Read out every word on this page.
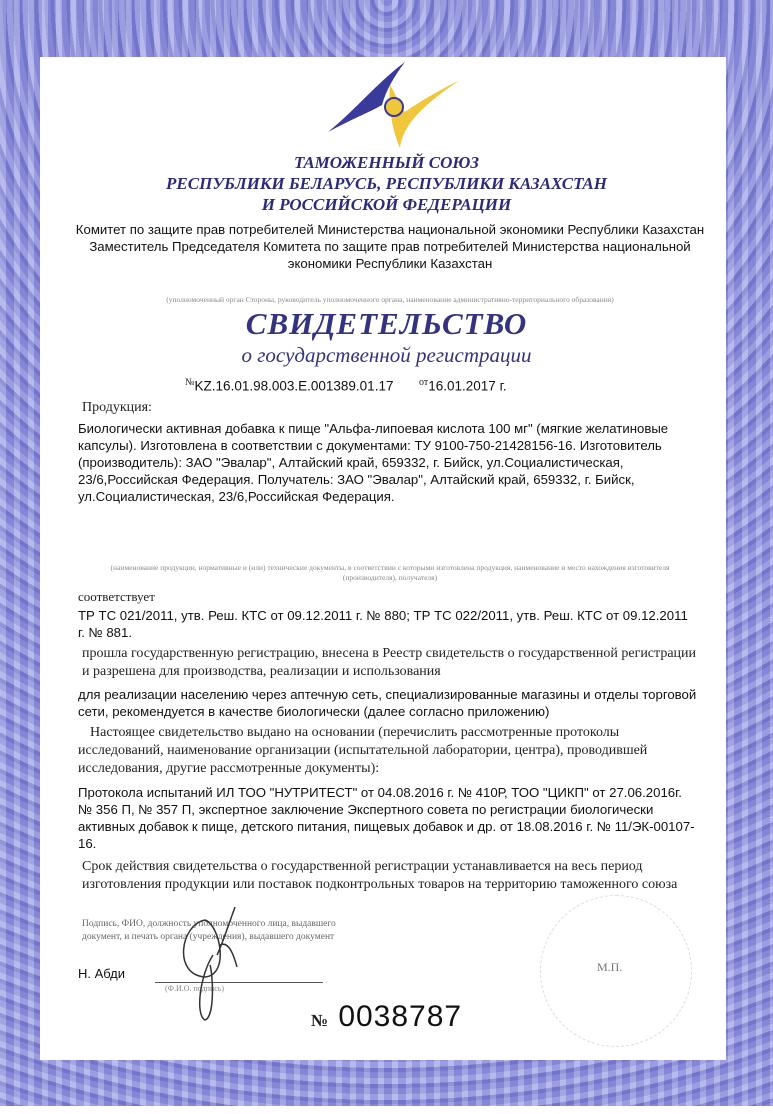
ТАМОЖЕННЫЙ СОЮЗ
РЕСПУБЛИКИ БЕЛАРУСЬ, РЕСПУБЛИКИ КАЗАХСТАН
И РОССИЙСКОЙ ФЕДЕРАЦИИ
Комитет по защите прав потребителей Министерства национальной экономики Республики Казахстан
Заместитель Председателя Комитета по защите прав потребителей Министерства национальной экономики Республики Казахстан
(уполномоченный орган Стороны, руководитель уполномоченного органа, наименование административно-территориального образования)
СВИДЕТЕЛЬСТВО
о государственной регистрации
№KZ.16.01.98.003.E.001389.01.17	$^{от}$16.01.2017 г.
Продукция:
Биологически активная добавка к пище "Альфа-липоевая кислота 100 мг" (мягкие желатиновые капсулы). Изготовлена в соответствии с документами: ТУ 9100-750-21428156-16. Изготовитель (производитель): ЗАО "Эвалар", Алтайский край, 659332, г. Бийск, ул.Социалистическая, 23/6,Российская Федерация. Получатель: ЗАО "Эвалар", Алтайский край, 659332, г. Бийск, ул.Социалистическая, 23/6,Российская Федерация.
(наименование продукции, нормативные и (или) технические документы, в соответствии с которыми изготовлена продукция, наименование и место нахождения изготовителя (производителя), получателя)
соответствует
ТР ТС 021/2011, утв. Реш. КТС от 09.12.2011 г. № 880; ТР ТС 022/2011, утв. Реш. КТС от 09.12.2011 г. № 881.
прошла государственную регистрацию, внесена в Реестр свидетельств о государственной регистрации и разрешена для производства, реализации и использования
для реализации населению через аптечную сеть, специализированные магазины и отделы торговой сети, рекомендуется в качестве биологически (далее согласно приложению)
Настоящее свидетельство выдано на основании (перечислить рассмотренные протоколы исследований, наименование организации (испытательной лаборатории, центра), проводившей исследования, другие рассмотренные документы):
Протокола испытаний ИЛ ТОО "НУТРИТЕСТ" от 04.08.2016 г. № 410Р, ТОО "ЦИКП" от 27.06.2016г. № 356 П, № 357 П, экспертное заключение Экспертного совета по регистрации биологически активных добавок к пище, детского питания, пищевых добавок и др. от 18.08.2016 г. № 11/ЭК-00107-16.
Срок действия свидетельства о государственной регистрации устанавливается на весь период изготовления продукции или поставок подконтрольных товаров на территорию таможенного союза
Подпись, ФИО, должность уполномоченного лица, выдавшего документ, и печать органа (учреждения), выдавшего документ
Н. Абди
(Ф.И.О. подпись)
М.П.
№ 0038787
